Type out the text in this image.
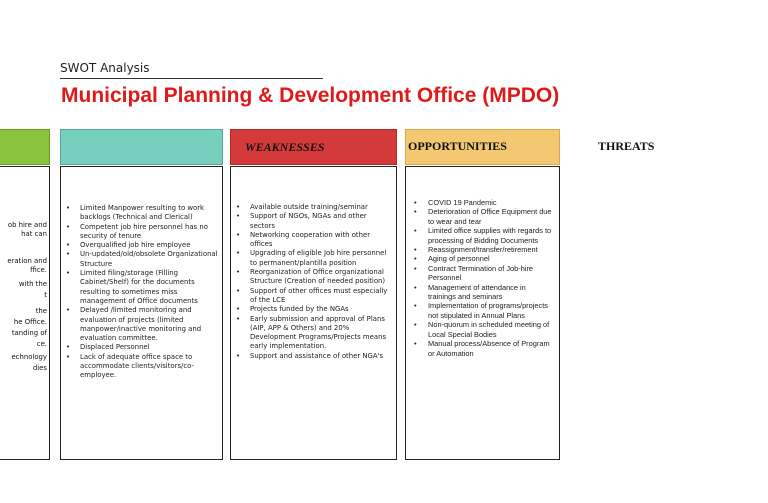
SWOT Analysis
Municipal Planning & Development Office (MPDO)
WEAKNESSES	OPPORTUNITIES	THREATS
ob hire and
hat can
eration and
ffice.
with the
t
the
he Office.
tanding of
ce.
echnology
dies
• Limited Manpower resulting to work backlogs (Technical and Clerical)
• Competent job hire personnel has no security of tenure
• Overqualified job hire employee
• Un-updated/old/obsolete Organizational Structure
• Limited filing/storage (Filling Cabinet/Shelf) for the documents resulting to sometimes miss management of Office documents
• Delayed /limited monitoring and evaluation of projects (limited manpower/inactive monitoring and evaluation committee.
• Displaced Personnel
• Lack of adequate office space to accommodate clients/visitors/co-employee.
• Available outside training/seminar
• Support of NGOs, NGAs and other sectors
• Networking cooperation with other offices
• Upgrading of eligible Job hire personnel to permanent/plantilla position
• Reorganization of Office organizational Structure (Creation of needed position)
• Support of other offices must especially of the LCE
• Projects funded by the NGAs
• Early submission and approval of Plans (AIP, APP & Others) and 20% Development Programs/Projects means early implementation.
• Support and assistance of other NGA's
• COVID 19 Pandemic
• Deterioration of Office Equipment due to wear and tear
• Limited office supplies with regards to processing of Bidding Documents
• Reassignment/transfer/retirement
• Aging of personnel
• Contract Termination of Job-hire Personnel
• Management of attendance in trainings and seminars
• Implementation of programs/projects not stipulated in Annual Plans
• Non-quorum in scheduled meeting of Local Special Bodies
• Manual process/Absence of Program or Automation
